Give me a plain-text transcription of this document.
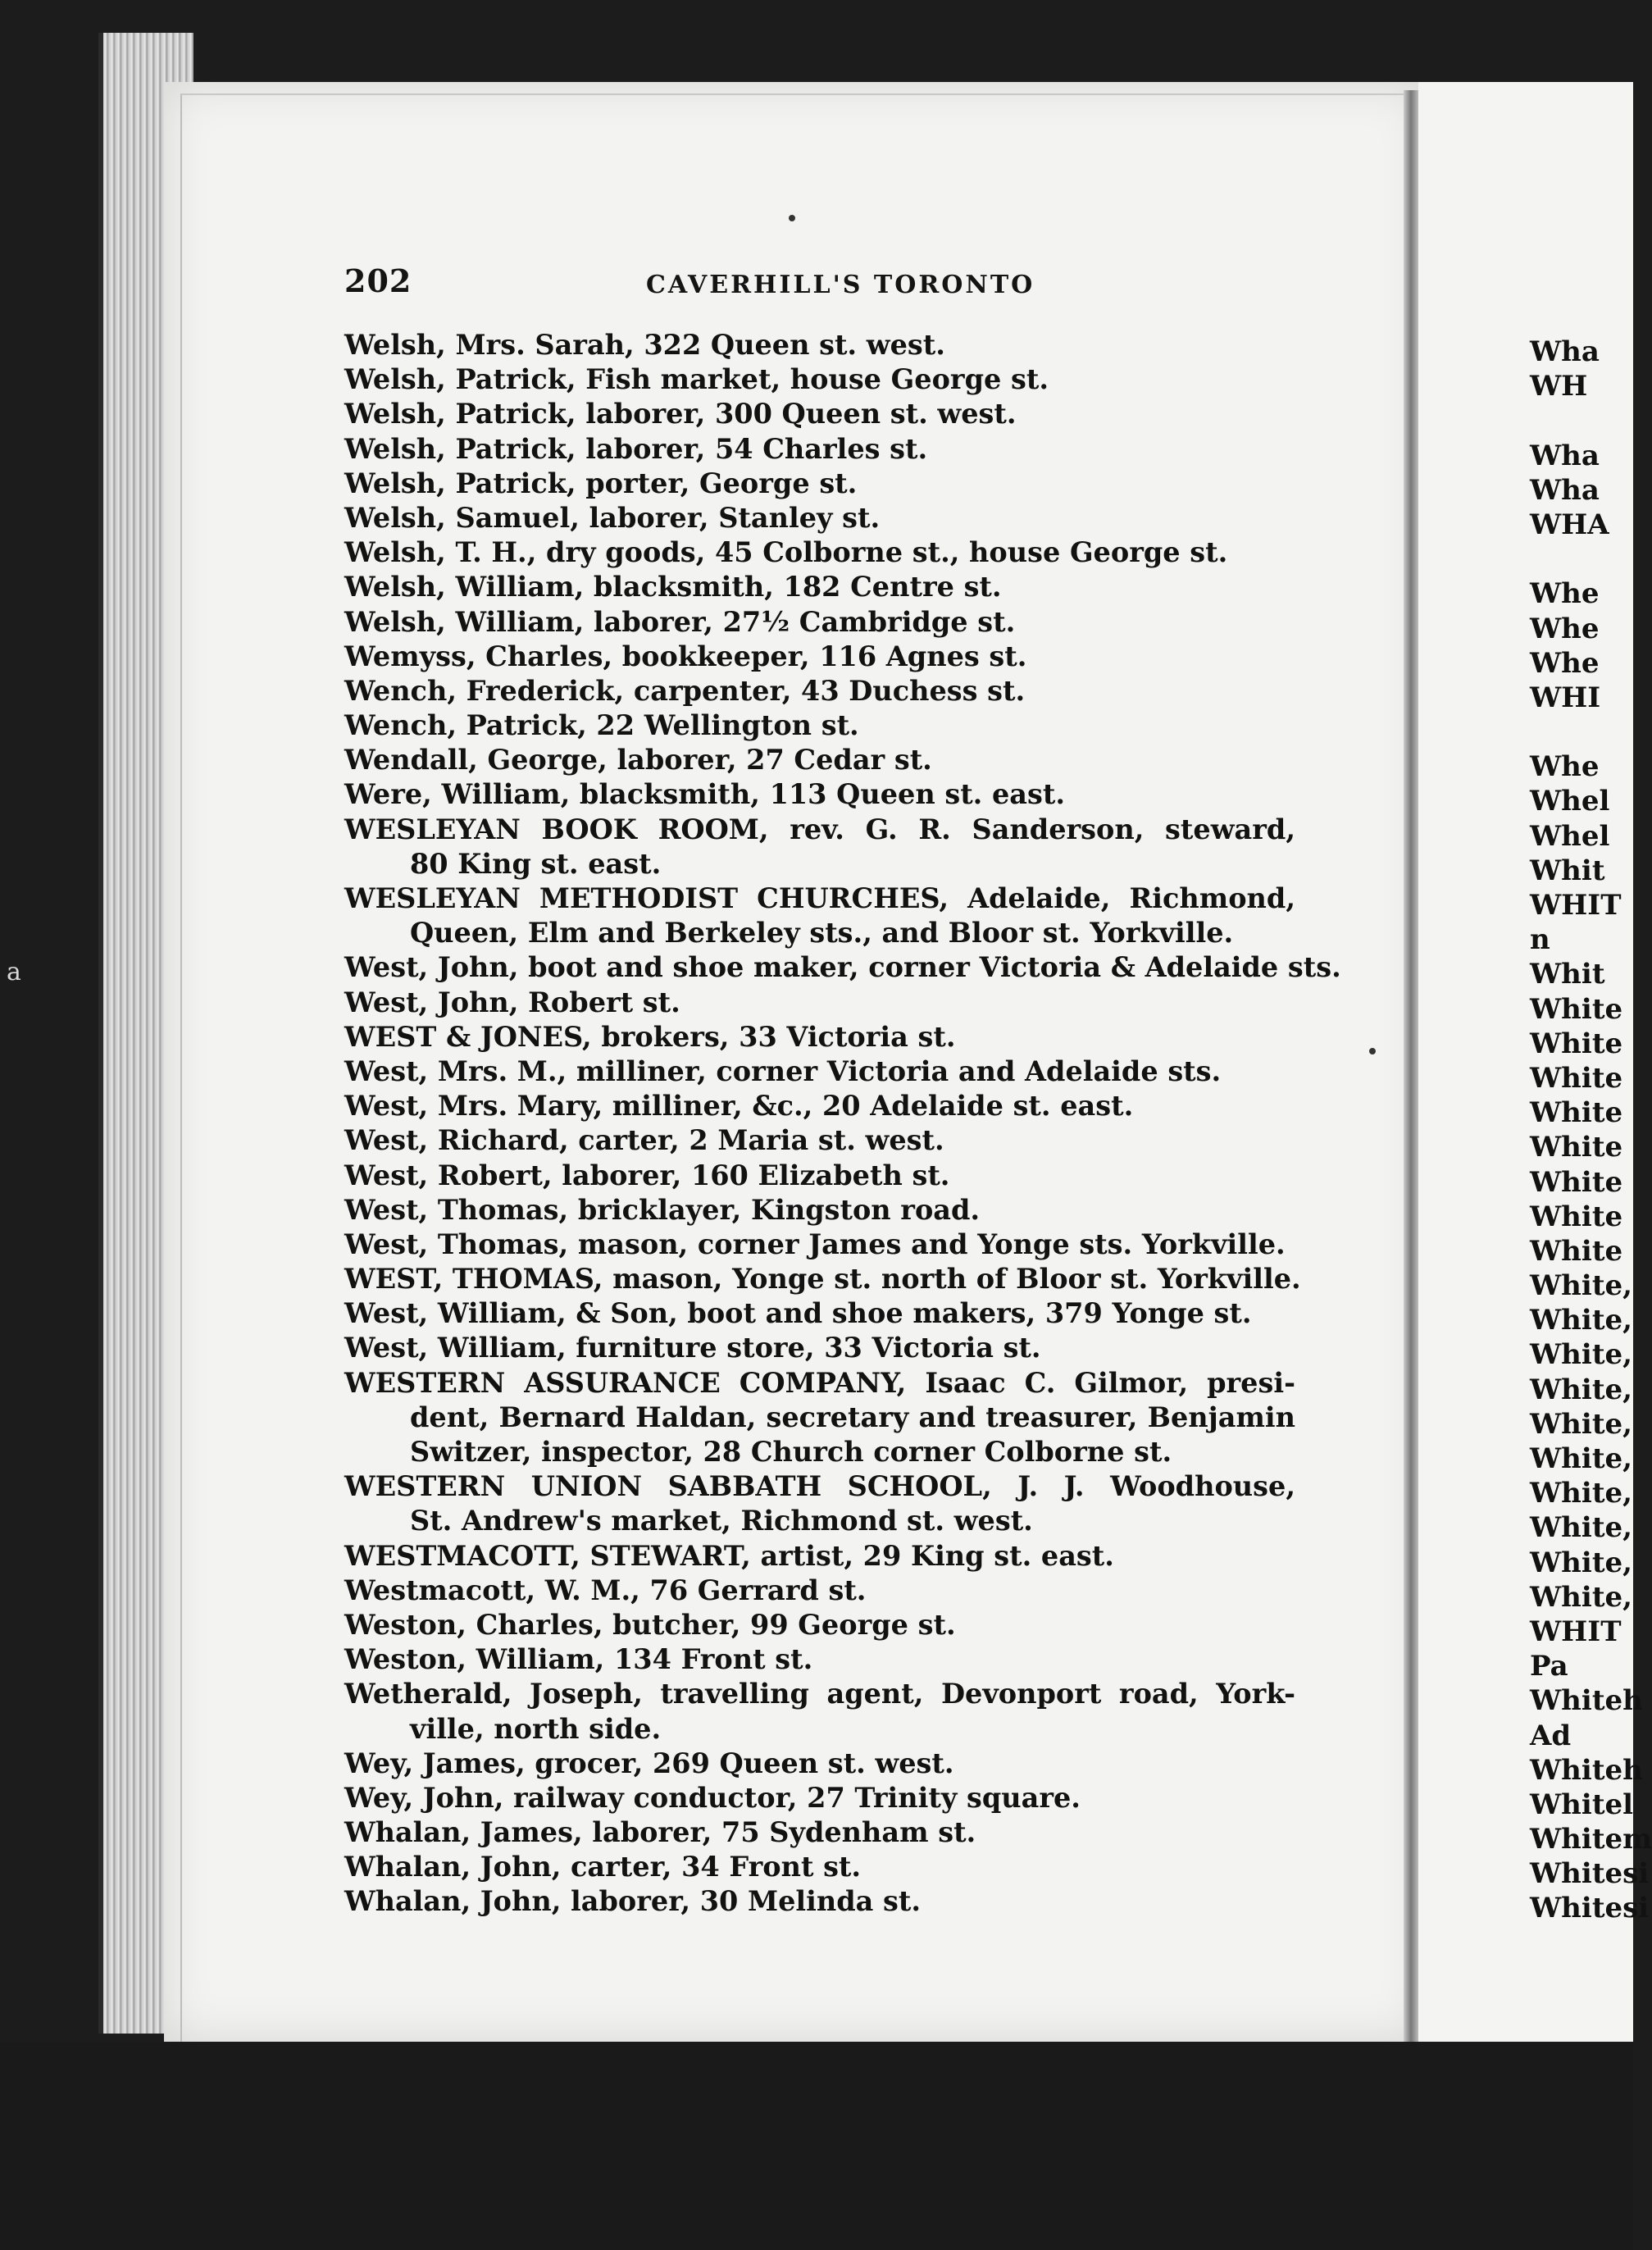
a
202	CAVERHILL'S TORONTO
Welsh, Mrs. Sarah, 322 Queen st. west.
Welsh, Patrick, Fish market, house George st.
Welsh, Patrick, laborer, 300 Queen st. west.
Welsh, Patrick, laborer, 54 Charles st.
Welsh, Patrick, porter, George st.
Welsh, Samuel, laborer, Stanley st.
Welsh, T. H., dry goods, 45 Colborne st., house George st.
Welsh, William, blacksmith, 182 Centre st.
Welsh, William, laborer, 27½ Cambridge st.
Wemyss, Charles, bookkeeper, 116 Agnes st.
Wench, Frederick, carpenter, 43 Duchess st.
Wench, Patrick, 22 Wellington st.
Wendall, George, laborer, 27 Cedar st.
Were, William, blacksmith, 113 Queen st. east.
WESLEYAN BOOK ROOM, rev. G. R. Sanderson, steward,
80 King st. east.
WESLEYAN METHODIST CHURCHES, Adelaide, Richmond,
Queen, Elm and Berkeley sts., and Bloor st. Yorkville.
West, John, boot and shoe maker, corner Victoria & Adelaide sts.
West, John, Robert st.
WEST & JONES, brokers, 33 Victoria st.
West, Mrs. M., milliner, corner Victoria and Adelaide sts.
West, Mrs. Mary, milliner, &c., 20 Adelaide st. east.
West, Richard, carter, 2 Maria st. west.
West, Robert, laborer, 160 Elizabeth st.
West, Thomas, bricklayer, Kingston road.
West, Thomas, mason, corner James and Yonge sts. Yorkville.
WEST, THOMAS, mason, Yonge st. north of Bloor st. Yorkville.
West, William, & Son, boot and shoe makers, 379 Yonge st.
West, William, furniture store, 33 Victoria st.
WESTERN ASSURANCE COMPANY, Isaac C. Gilmor, presi-
dent, Bernard Haldan, secretary and treasurer, Benjamin
Switzer, inspector, 28 Church corner Colborne st.
WESTERN UNION SABBATH SCHOOL, J. J. Woodhouse,
St. Andrew's market, Richmond st. west.
WESTMACOTT, STEWART, artist, 29 King st. east.
Westmacott, W. M., 76 Gerrard st.
Weston, Charles, butcher, 99 George st.
Weston, William, 134 Front st.
Wetherald, Joseph, travelling agent, Devonport road, York-
ville, north side.
Wey, James, grocer, 269 Queen st. west.
Wey, John, railway conductor, 27 Trinity square.
Whalan, James, laborer, 75 Sydenham st.
Whalan, John, carter, 34 Front st.
Whalan, John, laborer, 30 Melinda st.
Wha
WH
Wha
Wha
WHA
Whe
Whe
Whe
WHI
Whe
Whel
Whel
Whit
WHIT
n
Whit
White
White
White
White
White
White
White
White
White,
White,
White,
White,
White,
White,
White,
White,
White,
White,
WHIT
Pa
Whiteh
Ad
Whiteh
Whitel
Whitem
Whitesi
Whitesi
